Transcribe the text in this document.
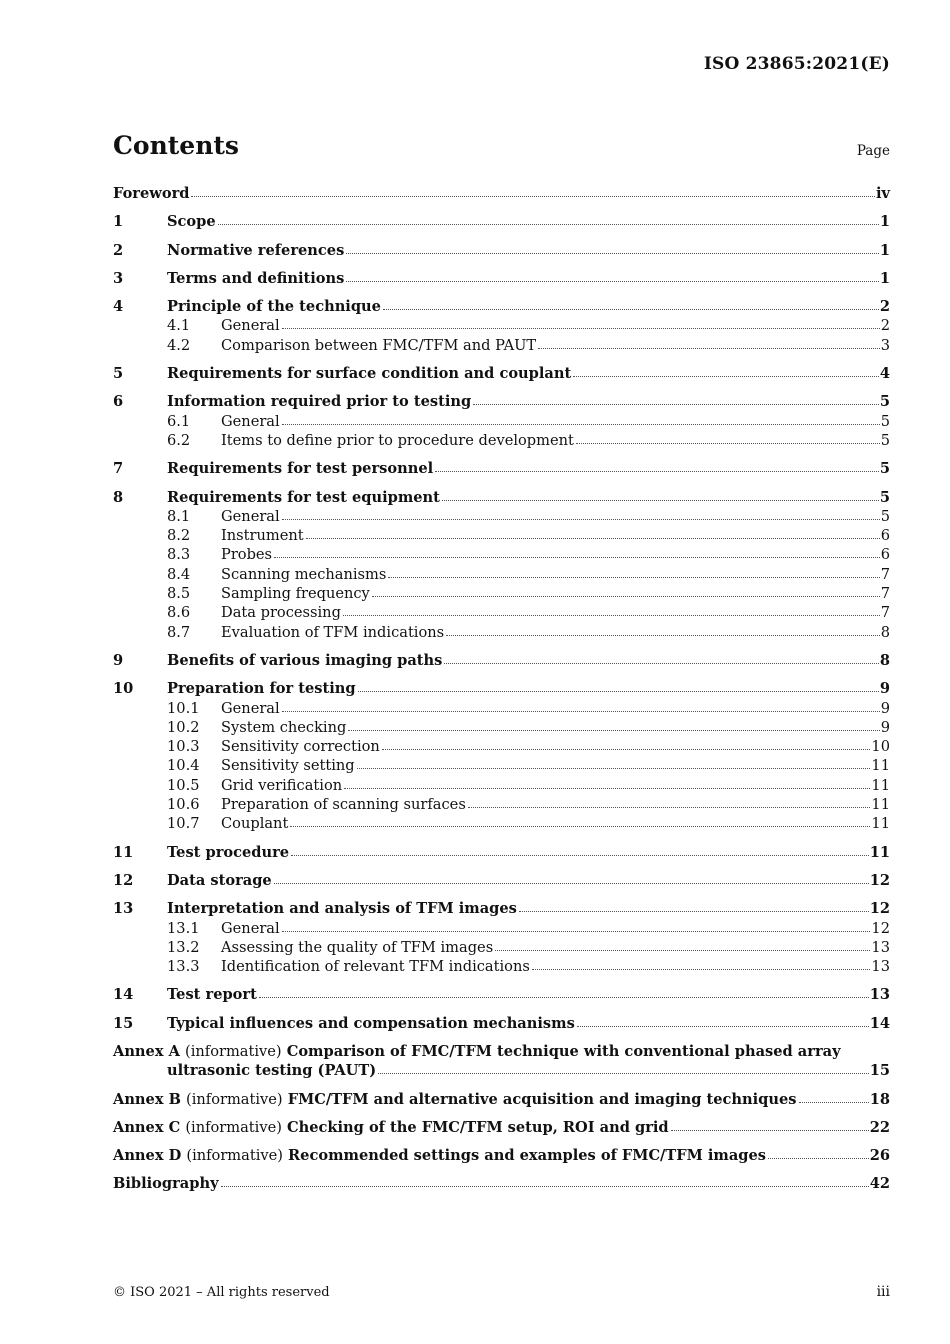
ISO 23865:2021(E)
Contents	Page
Foreword	iv
1	Scope	1
2	Normative references	1
3	Terms and definitions	1
4	Principle of the technique	2
4.1	General	2
4.2	Comparison between FMC/TFM and PAUT	3
5	Requirements for surface condition and couplant	4
6	Information required prior to testing	5
6.1	General	5
6.2	Items to define prior to procedure development	5
7	Requirements for test personnel	5
8	Requirements for test equipment	5
8.1	General	5
8.2	Instrument	6
8.3	Probes	6
8.4	Scanning mechanisms	7
8.5	Sampling frequency	7
8.6	Data processing	7
8.7	Evaluation of TFM indications	8
9	Benefits of various imaging paths	8
10	Preparation for testing	9
10.1	General	9
10.2	System checking	9
10.3	Sensitivity correction	10
10.4	Sensitivity setting	11
10.5	Grid verification	11
10.6	Preparation of scanning surfaces	11
10.7	Couplant	11
11	Test procedure	11
12	Data storage	12
13	Interpretation and analysis of TFM images	12
13.1	General	12
13.2	Assessing the quality of TFM images	13
13.3	Identification of relevant TFM indications	13
14	Test report	13
15	Typical influences and compensation mechanisms	14
Annex A (informative) Comparison of FMC/TFM technique with conventional phased array
ultrasonic testing (PAUT)	15
Annex B (informative) FMC/TFM and alternative acquisition and imaging techniques	18
Annex C (informative) Checking of the FMC/TFM setup, ROI and grid	22
Annex D (informative) Recommended settings and examples of FMC/TFM images	26
Bibliography	42
© ISO 2021 – All rights reserved	iii
